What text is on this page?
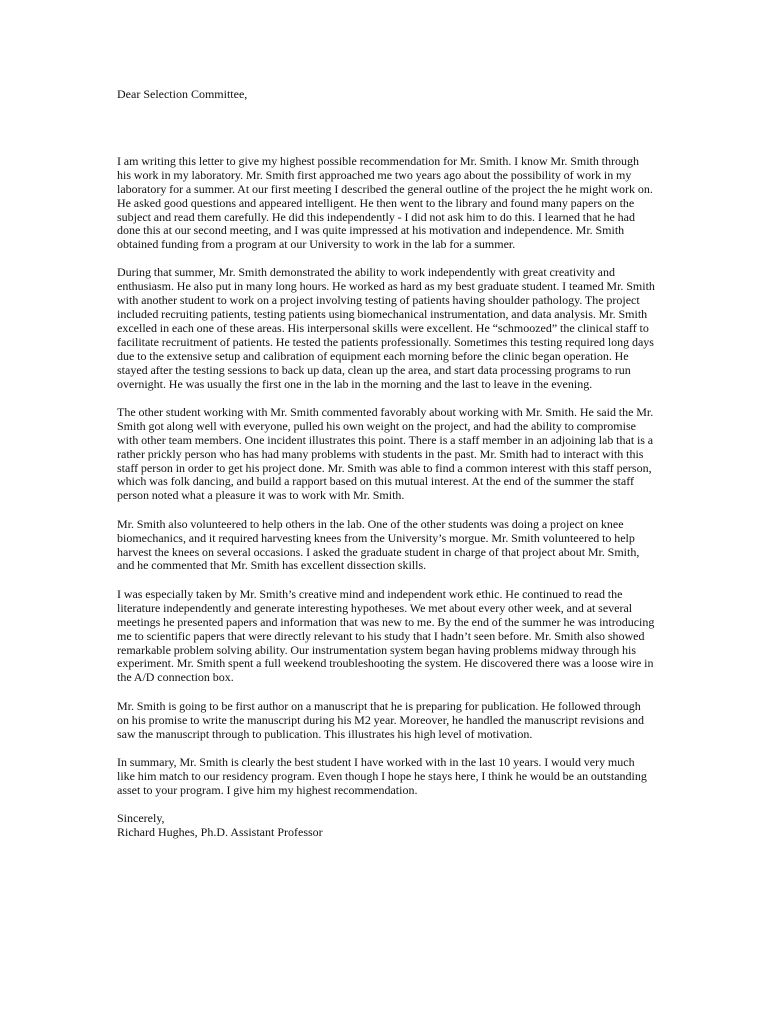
Dear Selection Committee,

I am writing this letter to give my highest possible recommendation for Mr. Smith. I know Mr. Smith through his work in my laboratory. Mr. Smith first approached me two years ago about the possibility of work in my laboratory for a summer. At our first meeting I described the general outline of the project the he might work on. He asked good questions and appeared intelligent. He then went to the library and found many papers on the subject and read them carefully. He did this independently - I did not ask him to do this. I learned that he had done this at our second meeting, and I was quite impressed at his motivation and independence. Mr. Smith obtained funding from a program at our University to work in the lab for a summer.

During that summer, Mr. Smith demonstrated the ability to work independently with great creativity and enthusiasm. He also put in many long hours. He worked as hard as my best graduate student. I teamed Mr. Smith with another student to work on a project involving testing of patients having shoulder pathology. The project included recruiting patients, testing patients using biomechanical instrumentation, and data analysis. Mr. Smith excelled in each one of these areas. His interpersonal skills were excellent. He “schmoozed” the clinical staff to facilitate recruitment of patients. He tested the patients professionally. Sometimes this testing required long days due to the extensive setup and calibration of equipment each morning before the clinic began operation. He stayed after the testing sessions to back up data, clean up the area, and start data processing programs to run overnight. He was usually the first one in the lab in the morning and the last to leave in the evening.

The other student working with Mr. Smith commented favorably about working with Mr. Smith. He said the Mr. Smith got along well with everyone, pulled his own weight on the project, and had the ability to compromise with other team members. One incident illustrates this point. There is a staff member in an adjoining lab that is a rather prickly person who has had many problems with students in the past. Mr. Smith had to interact with this staff person in order to get his project done. Mr. Smith was able to find a common interest with this staff person, which was folk dancing, and build a rapport based on this mutual interest. At the end of the summer the staff person noted what a pleasure it was to work with Mr. Smith.

Mr. Smith also volunteered to help others in the lab. One of the other students was doing a project on knee biomechanics, and it required harvesting knees from the University’s morgue. Mr. Smith volunteered to help harvest the knees on several occasions. I asked the graduate student in charge of that project about Mr. Smith, and he commented that Mr. Smith has excellent dissection skills.

I was especially taken by Mr. Smith’s creative mind and independent work ethic. He continued to read the literature independently and generate interesting hypotheses. We met about every other week, and at several meetings he presented papers and information that was new to me. By the end of the summer he was introducing me to scientific papers that were directly relevant to his study that I hadn’t seen before. Mr. Smith also showed remarkable problem solving ability. Our instrumentation system began having problems midway through his experiment. Mr. Smith spent a full weekend troubleshooting the system. He discovered there was a loose wire in the A/D connection box.

Mr. Smith is going to be first author on a manuscript that he is preparing for publication. He followed through on his promise to write the manuscript during his M2 year. Moreover, he handled the manuscript revisions and saw the manuscript through to publication. This illustrates his high level of motivation.

In summary, Mr. Smith is clearly the best student I have worked with in the last 10 years. I would very much like him match to our residency program. Even though I hope he stays here, I think he would be an outstanding asset to your program. I give him my highest recommendation.

Sincerely,

Richard Hughes, Ph.D. Assistant Professor
